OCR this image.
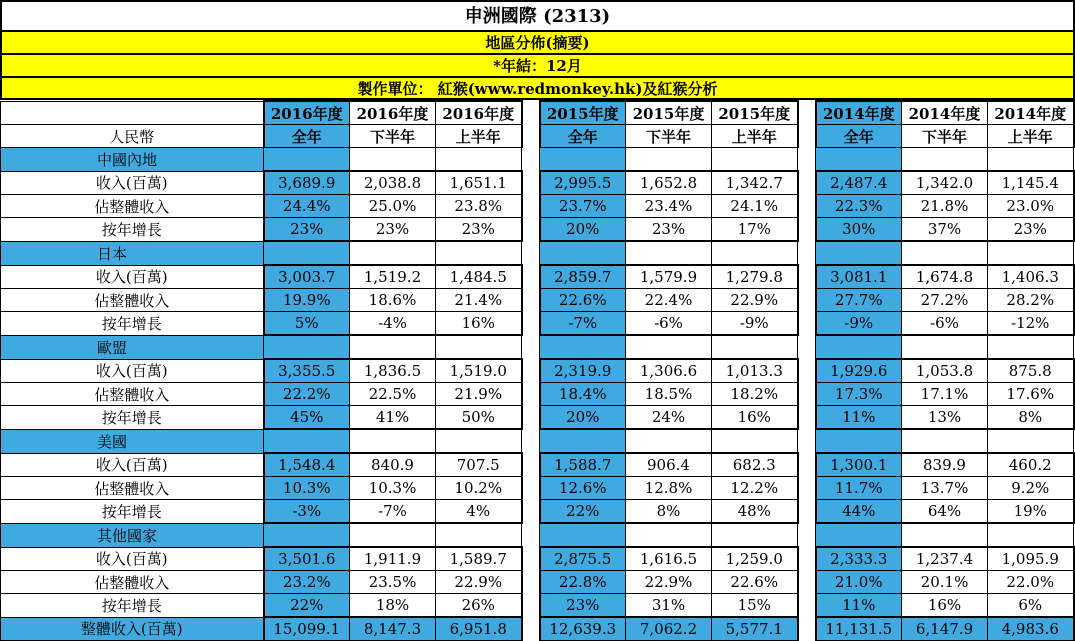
申洲國際 (2313)
地區分佈(摘要)
*年結：12月
製作單位： 紅猴(www.redmonkey.hk)及紅猴分析
	2016年度	2016年度	2016年度		2015年度	2015年度	2015年度		2014年度	2014年度	2014年度
人民幣	全年	下半年	上半年		全年	下半年	上半年		全年	下半年	上半年
中國內地											
收入(百萬)	3,689.9	2,038.8	1,651.1		2,995.5	1,652.8	1,342.7		2,487.4	1,342.0	1,145.4
佔整體收入	24.4%	25.0%	23.8%		23.7%	23.4%	24.1%		22.3%	21.8%	23.0%
按年增長	23%	23%	23%		20%	23%	17%		30%	37%	23%
日本											
收入(百萬)	3,003.7	1,519.2	1,484.5		2,859.7	1,579.9	1,279.8		3,081.1	1,674.8	1,406.3
佔整體收入	19.9%	18.6%	21.4%		22.6%	22.4%	22.9%		27.7%	27.2%	28.2%
按年增長	5%	-4%	16%		-7%	-6%	-9%		-9%	-6%	-12%
歐盟											
收入(百萬)	3,355.5	1,836.5	1,519.0		2,319.9	1,306.6	1,013.3		1,929.6	1,053.8	875.8
佔整體收入	22.2%	22.5%	21.9%		18.4%	18.5%	18.2%		17.3%	17.1%	17.6%
按年增長	45%	41%	50%		20%	24%	16%		11%	13%	8%
美國											
收入(百萬)	1,548.4	840.9	707.5		1,588.7	906.4	682.3		1,300.1	839.9	460.2
佔整體收入	10.3%	10.3%	10.2%		12.6%	12.8%	12.2%		11.7%	13.7%	9.2%
按年增長	-3%	-7%	4%		22%	8%	48%		44%	64%	19%
其他國家											
收入(百萬)	3,501.6	1,911.9	1,589.7		2,875.5	1,616.5	1,259.0		2,333.3	1,237.4	1,095.9
佔整體收入	23.2%	23.5%	22.9%		22.8%	22.9%	22.6%		21.0%	20.1%	22.0%
按年增長	22%	18%	26%		23%	31%	15%		11%	16%	6%
整體收入(百萬)	15,099.1	8,147.3	6,951.8		12,639.3	7,062.2	5,577.1		11,131.5	6,147.9	4,983.6
